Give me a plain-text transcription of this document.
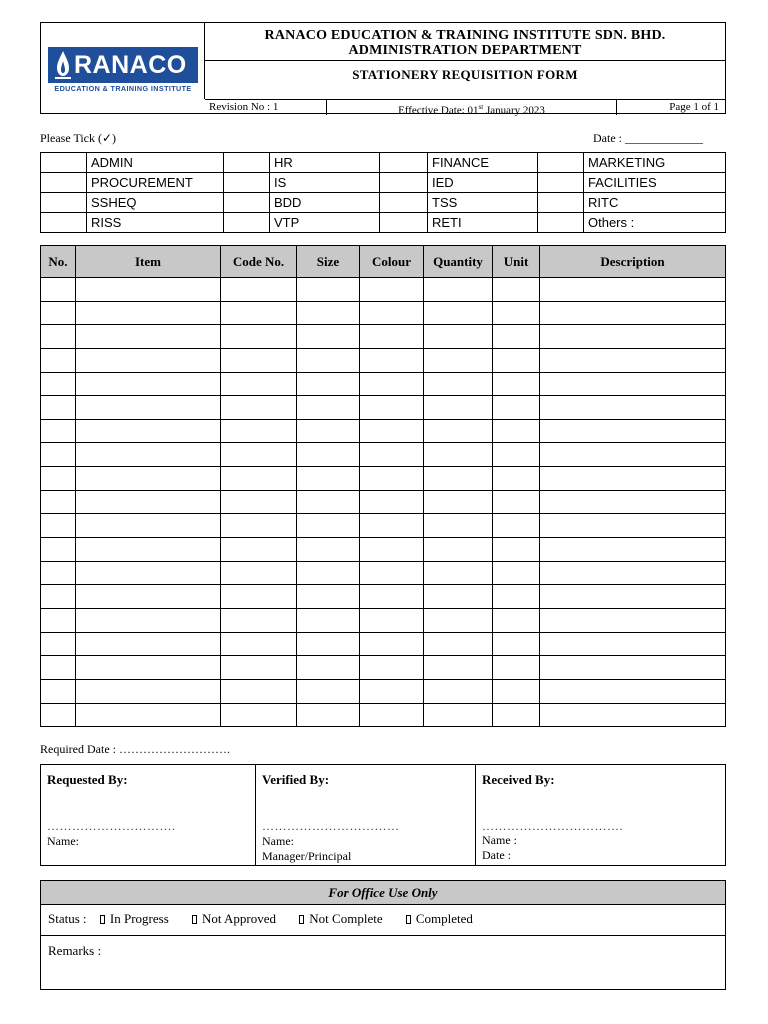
RANACO
EDUCATION & TRAINING INSTITUTE
RANACO EDUCATION & TRAINING INSTITUTE SDN. BHD.
ADMINISTRATION DEPARTMENT
STATIONERY REQUISITION FORM
Revision No : 1	Effective Date: 01st January 2023	Page 1 of 1
Please Tick (✓)	Date : _____________
	ADMIN		HR		FINANCE		MARKETING
	PROCUREMENT		IS		IED		FACILITIES
	SSHEQ		BDD		TSS		RITC
	RISS		VTP		RETI		Others :
No.	Item	Code No.	Size	Colour	Quantity	Unit	Description

Required Date : ……………………….
Requested By:
………………………….
Name:
Verified By:
……………………………
Name:
Manager/Principal
Received By:
…………………………….
Name :
Date :
For Office Use Only
Status : In Progress	Not Approved	Not Complete	Completed
Remarks :
